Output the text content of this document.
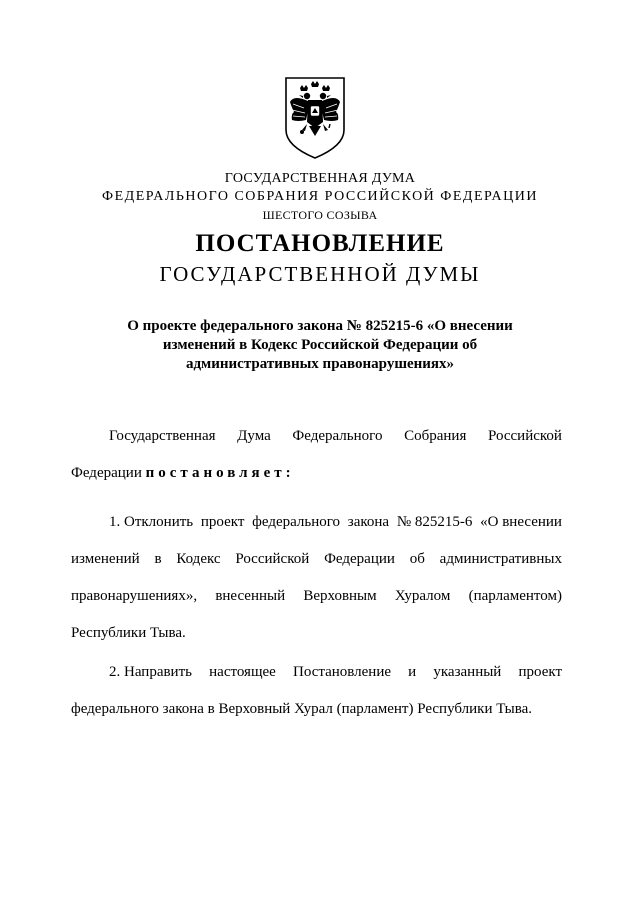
ГОСУДАРСТВЕННАЯ ДУМА
ФЕДЕРАЛЬНОГО СОБРАНИЯ РОССИЙСКОЙ ФЕДЕРАЦИИ
ШЕСТОГО СОЗЫВА
ПОСТАНОВЛЕНИЕ
ГОСУДАРСТВЕННОЙ ДУМЫ
О проекте федерального закона № 825215-6 «О внесении
изменений в Кодекс Российской Федерации об
административных правонарушениях»
Государственная Дума Федерального Собрания Российской
Федерации постановляет:
1. Отклонить проект федерального закона № 825215-6 «О внесении
изменений в Кодекс Российской Федерации об административных
правонарушениях», внесенный Верховным Хуралом (парламентом)
Республики Тыва.
2. Направить настоящее Постановление и указанный проект
федерального закона в Верховный Хурал (парламент) Республики Тыва.
